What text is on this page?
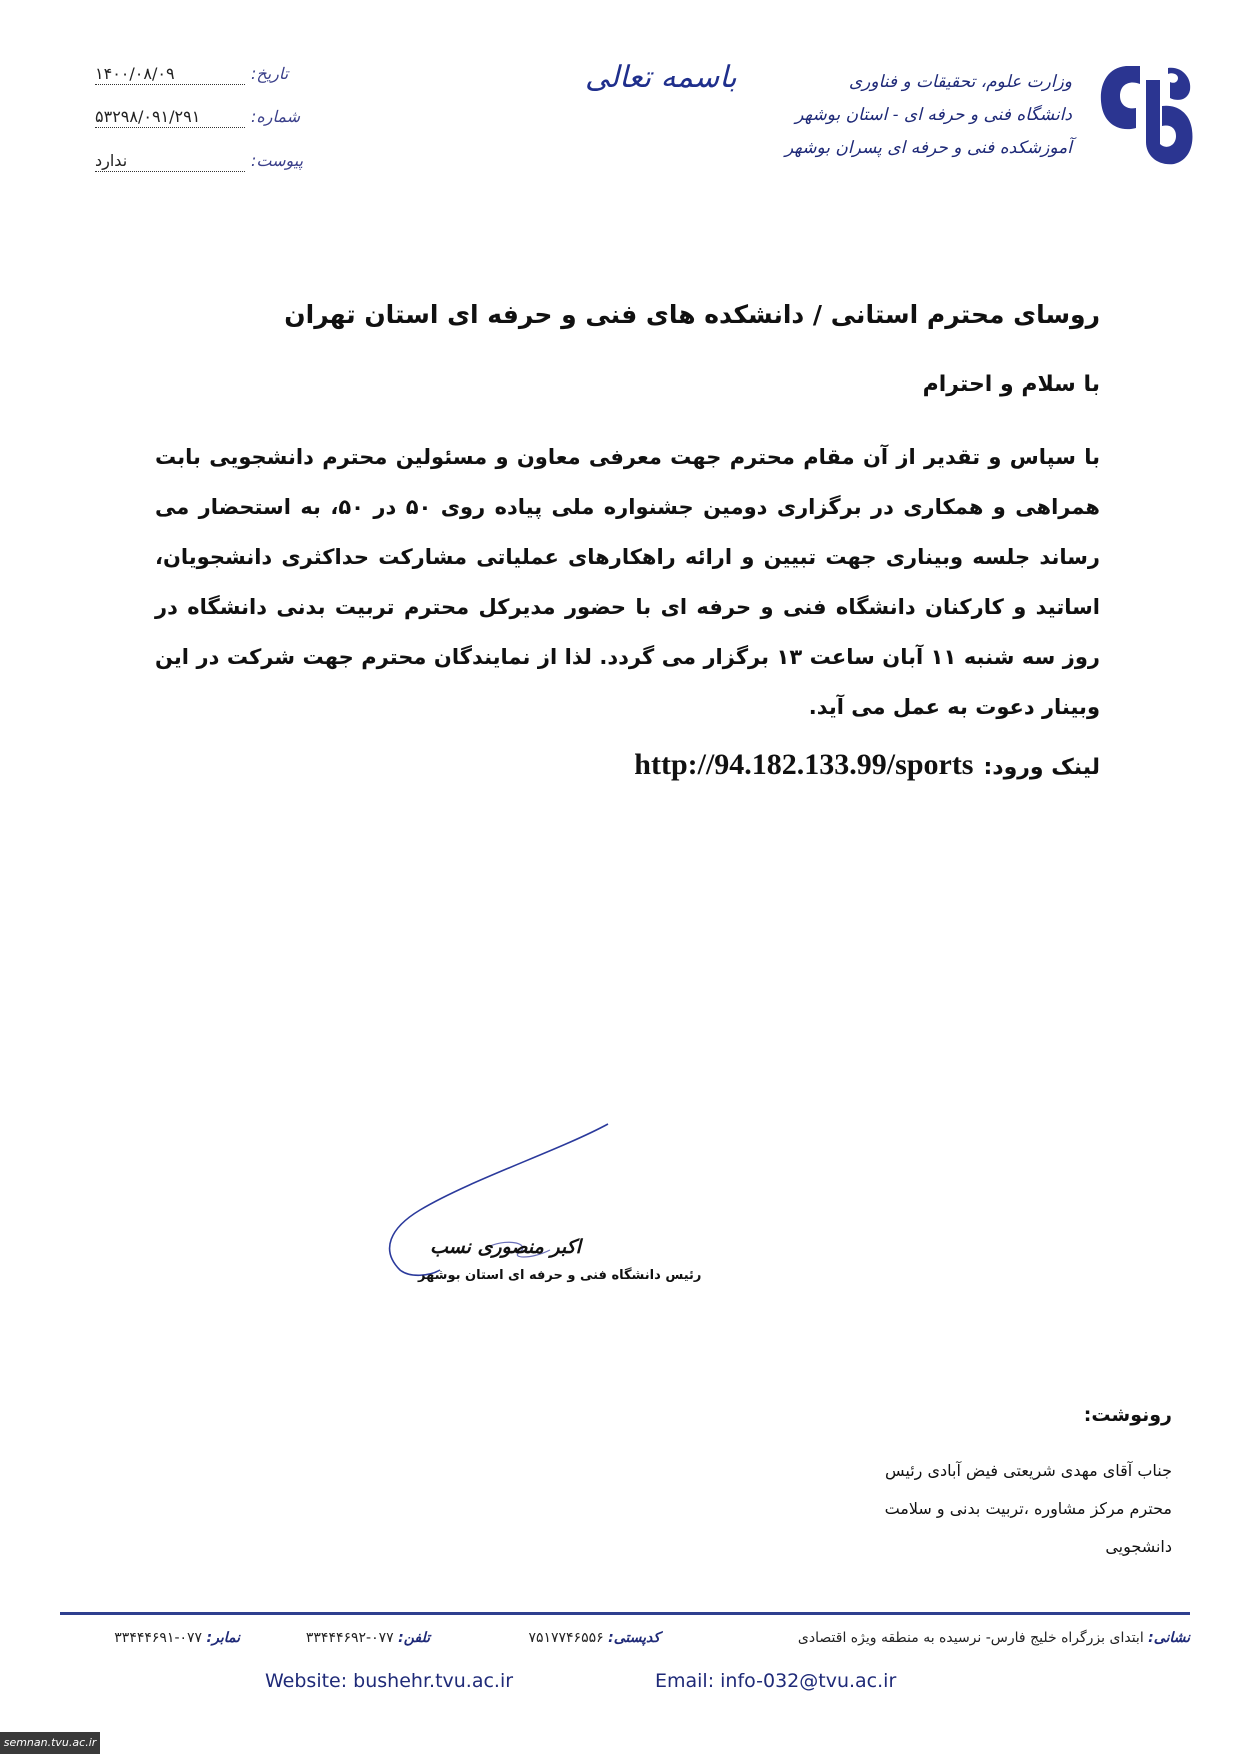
تاریخ:
۱۴۰۰/۰۸/۰۹
شماره:
۵۳۲۹۸/۰۹۱/۲۹۱
پیوست:
ندارد
باسمه تعالی	وزارت علوم، تحقیقات و فناوری
دانشگاه فنی و حرفه ای - استان بوشهر
آموزشکده فنی و حرفه ای پسران بوشهر
روسای محترم استانی / دانشکده های فنی و حرفه ای استان تهران
با سلام و احترام
با سپاس و تقدیر از آن مقام محترم جهت معرفی معاون و مسئولین محترم دانشجویی بابت همراهی و همکاری در برگزاری دومین جشنواره ملی پیاده روی ۵۰ در ۵۰، به استحضار می رساند جلسه وبیناری جهت تبیین و ارائه راهکارهای عملیاتی مشارکت حداکثری دانشجویان، اساتید و کارکنان دانشگاه فنی و حرفه ای با حضور مدیرکل محترم تربیت بدنی دانشگاه در روز سه شنبه ۱۱ آبان ساعت ۱۳ برگزار می گردد. لذا از نمایندگان محترم جهت شرکت در این وبینار دعوت به عمل می آید.
لینک ورود:
http://94.182.133.99/sports
اکبر منصوری نسب
رئیس دانشگاه فنی و حرفه ای استان بوشهر
رونوشت:
جناب آقای مهدی شریعتی فیض آبادی رئیس
محترم مرکز مشاوره ،تربیت بدنی و سلامت
دانشجویی
نشانی: ابتدای بزرگراه خلیج فارس- نرسیده به منطقه ویژه اقتصادی
کدپستی: ۷۵۱۷۷۴۶۵۵۶
تلفن: ۰۷۷-۳۳۴۴۴۶۹۲
نمابر: ۰۷۷-۳۳۴۴۴۶۹۱
Website: bushehr.tvu.ac.ir	Email: info-032@tvu.ac.ir
semnan.tvu.ac.ir
